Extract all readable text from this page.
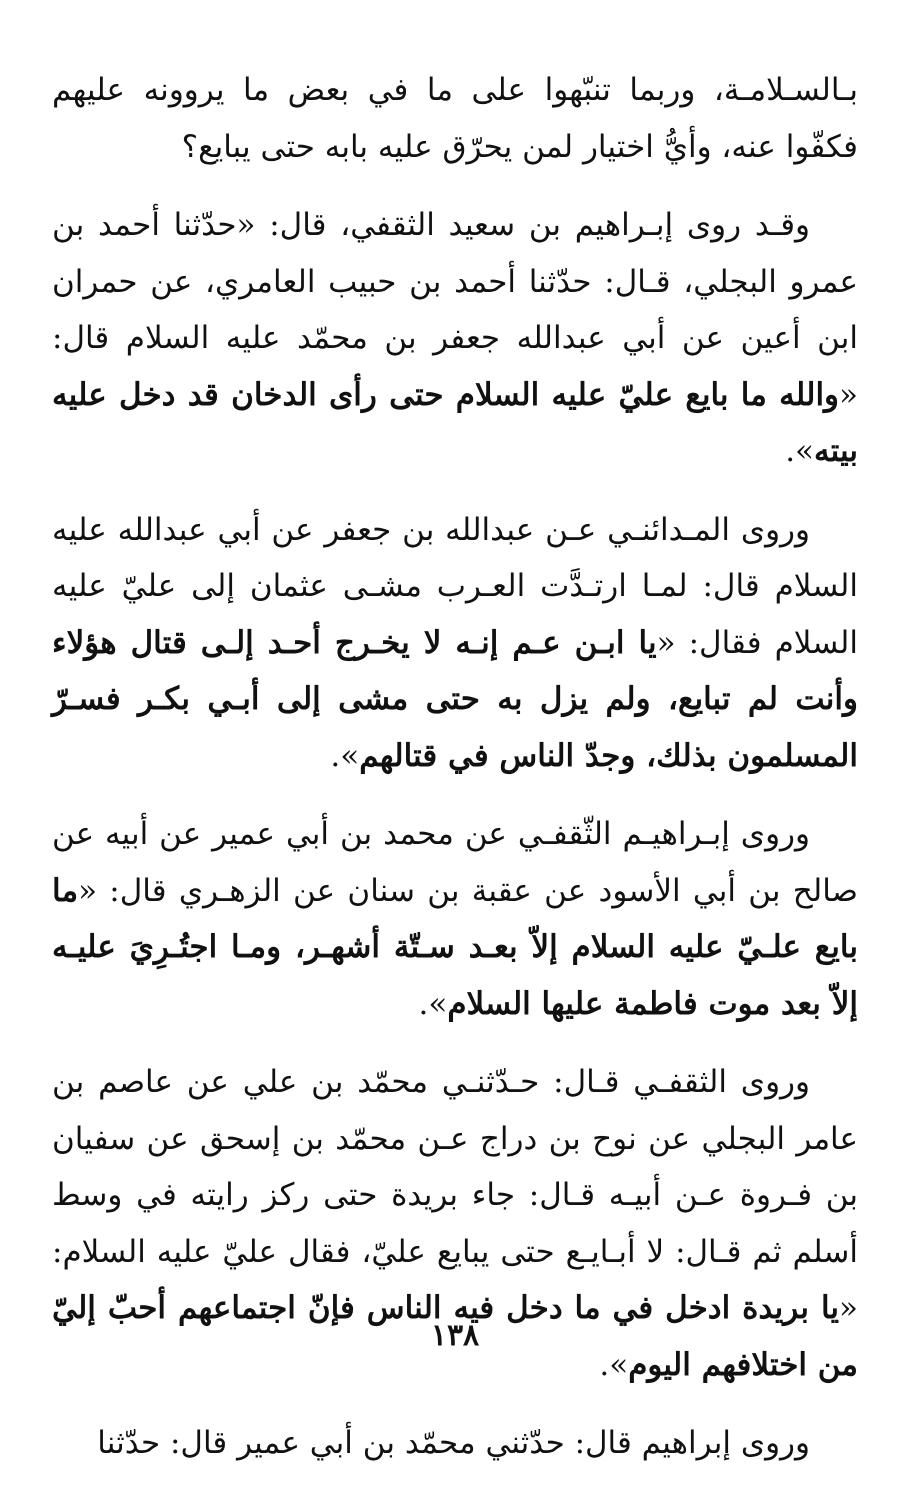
بـالسـلامـة، وربما تنبّهوا على ما في بعض ما يروونه عليهم فكفّوا عنه، وأيُّ اختيار لمن يحرّق عليه بابه حتى يبايع؟

وقـد روى إبـراهيم بن سعيد الثقفي، قال: «حدّثنا أحمد بن عمرو البجلي، قـال: حدّثنا أحمد بن حبيب العامري، عن حمران ابن أعين عن أبي عبدالله جعفر بن محمّد عليه السلام قال: «والله ما بايع عليّ عليه السلام حتى رأى الدخان قد دخل عليه بيته».

وروى المـدائنـي عـن عبدالله بن جعفر عن أبي عبدالله عليه السلام قال: لمـا ارتـدَّت العـرب مشـى عثمان إلى عليّ عليه السلام فقال: «يا ابـن عـم إنـه لا يخـرج أحـد إلـى قتال هؤلاء وأنت لم تبايع، ولم يزل به حتى مشى إلى أبـي بكـر فسـرّ المسلمون بذلك، وجدّ الناس في قتالهم».

وروى إبـراهيـم الثّقفـي عن محمد بن أبي عمير عن أبيه عن صالح بن أبي الأسود عن عقبة بن سنان عن الزهـري قال: «ما بايع علـيّ عليه السلام إلاّ بعـد سـتّة أشهـر، ومـا اجتُـرِيَ عليـه إلاّ بعد موت فاطمة عليها السلام».

وروى الثقفـي قـال: حـدّثنـي محمّد بن علي عن عاصم بن عامر البجلي عن نوح بن دراج عـن محمّد بن إسحق عن سفيان بن فـروة عـن أبيـه قـال: جاء بريدة حتى ركز رايته في وسط أسلم ثم قـال: لا أبـايـع حتى يبايع عليّ، فقال عليّ عليه السلام: «يا بريدة ادخل في ما دخل فيه الناس فإنّ اجتماعهم أحبّ إليّ من اختلافهم اليوم».

وروى إبراهيم قال: حدّثني محمّد بن أبي عمير قال: حدّثنا

١٣٨
